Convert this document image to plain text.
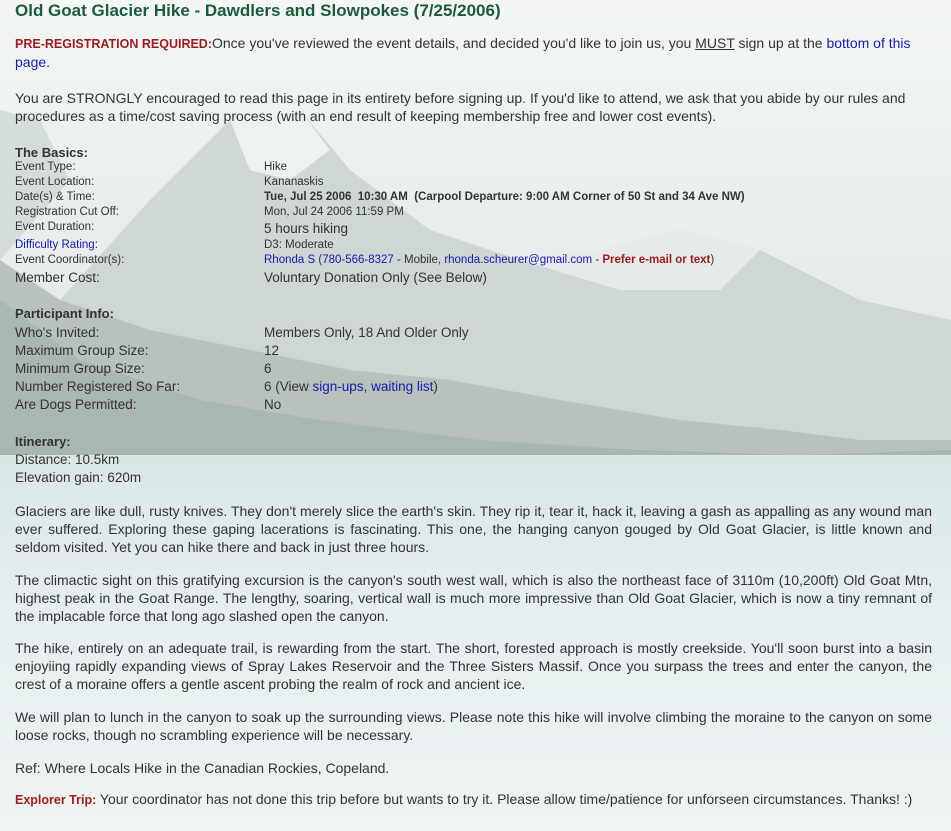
Old Goat Glacier Hike - Dawdlers and Slowpokes (7/25/2006)

PRE-REGISTRATION REQUIRED:Once you've reviewed the event details, and decided you'd like to join us, you MUST sign up at the bottom of this page.

You are STRONGLY encouraged to read this page in its entirety before signing up. If you'd like to attend, we ask that you abide by our rules and procedures as a time/cost saving process (with an end result of keeping membership free and lower cost events).

The Basics:

Event Type:	Hike

Event Location:	Kananaskis

Date(s) & Time:	Tue, Jul 25 2006  10:30 AM  (Carpool Departure: 9:00 AM Corner of 50 St and 34 Ave NW)

Registration Cut Off:	Mon, Jul 24 2006 11:59 PM

Event Duration:	5 hours hiking

Difficulty Rating:	D3: Moderate

Event Coordinator(s):	Rhonda S (780-566-8327 - Mobile, rhonda.scheurer@gmail.com - Prefer e-mail or text)

Member Cost:	Voluntary Donation Only (See Below)

Participant Info:

Who's Invited:	Members Only, 18 And Older Only

Maximum Group Size:	12

Minimum Group Size:	6

Number Registered So Far:	6 (View sign-ups, waiting list)

Are Dogs Permitted:	No

Itinerary:

Distance: 10.5km

Elevation gain: 620m

Glaciers are like dull, rusty knives. They don't merely slice the earth's skin. They rip it, tear it, hack it, leaving a gash as appalling as any wound man ever suffered. Exploring these gaping lacerations is fascinating. This one, the hanging canyon gouged by Old Goat Glacier, is little known and seldom visited. Yet you can hike there and back in just three hours.

The climactic sight on this gratifying excursion is the canyon's south west wall, which is also the northeast face of 3110m (10,200ft) Old Goat Mtn, highest peak in the Goat Range. The lengthy, soaring, vertical wall is much more impressive than Old Goat Glacier, which is now a tiny remnant of the implacable force that long ago slashed open the canyon.

The hike, entirely on an adequate trail, is rewarding from the start. The short, forested approach is mostly creekside. You'll soon burst into a basin enjoyiing rapidly expanding views of Spray Lakes Reservoir and the Three Sisters Massif. Once you surpass the trees and enter the canyon, the crest of a moraine offers a gentle ascent probing the realm of rock and ancient ice.

We will plan to lunch in the canyon to soak up the surrounding views. Please note this hike will involve climbing the moraine to the canyon on some loose rocks, though no scrambling experience will be necessary.

Ref: Where Locals Hike in the Canadian Rockies, Copeland.

Explorer Trip: Your coordinator has not done this trip before but wants to try it. Please allow time/patience for unforseen circumstances. Thanks! :)
